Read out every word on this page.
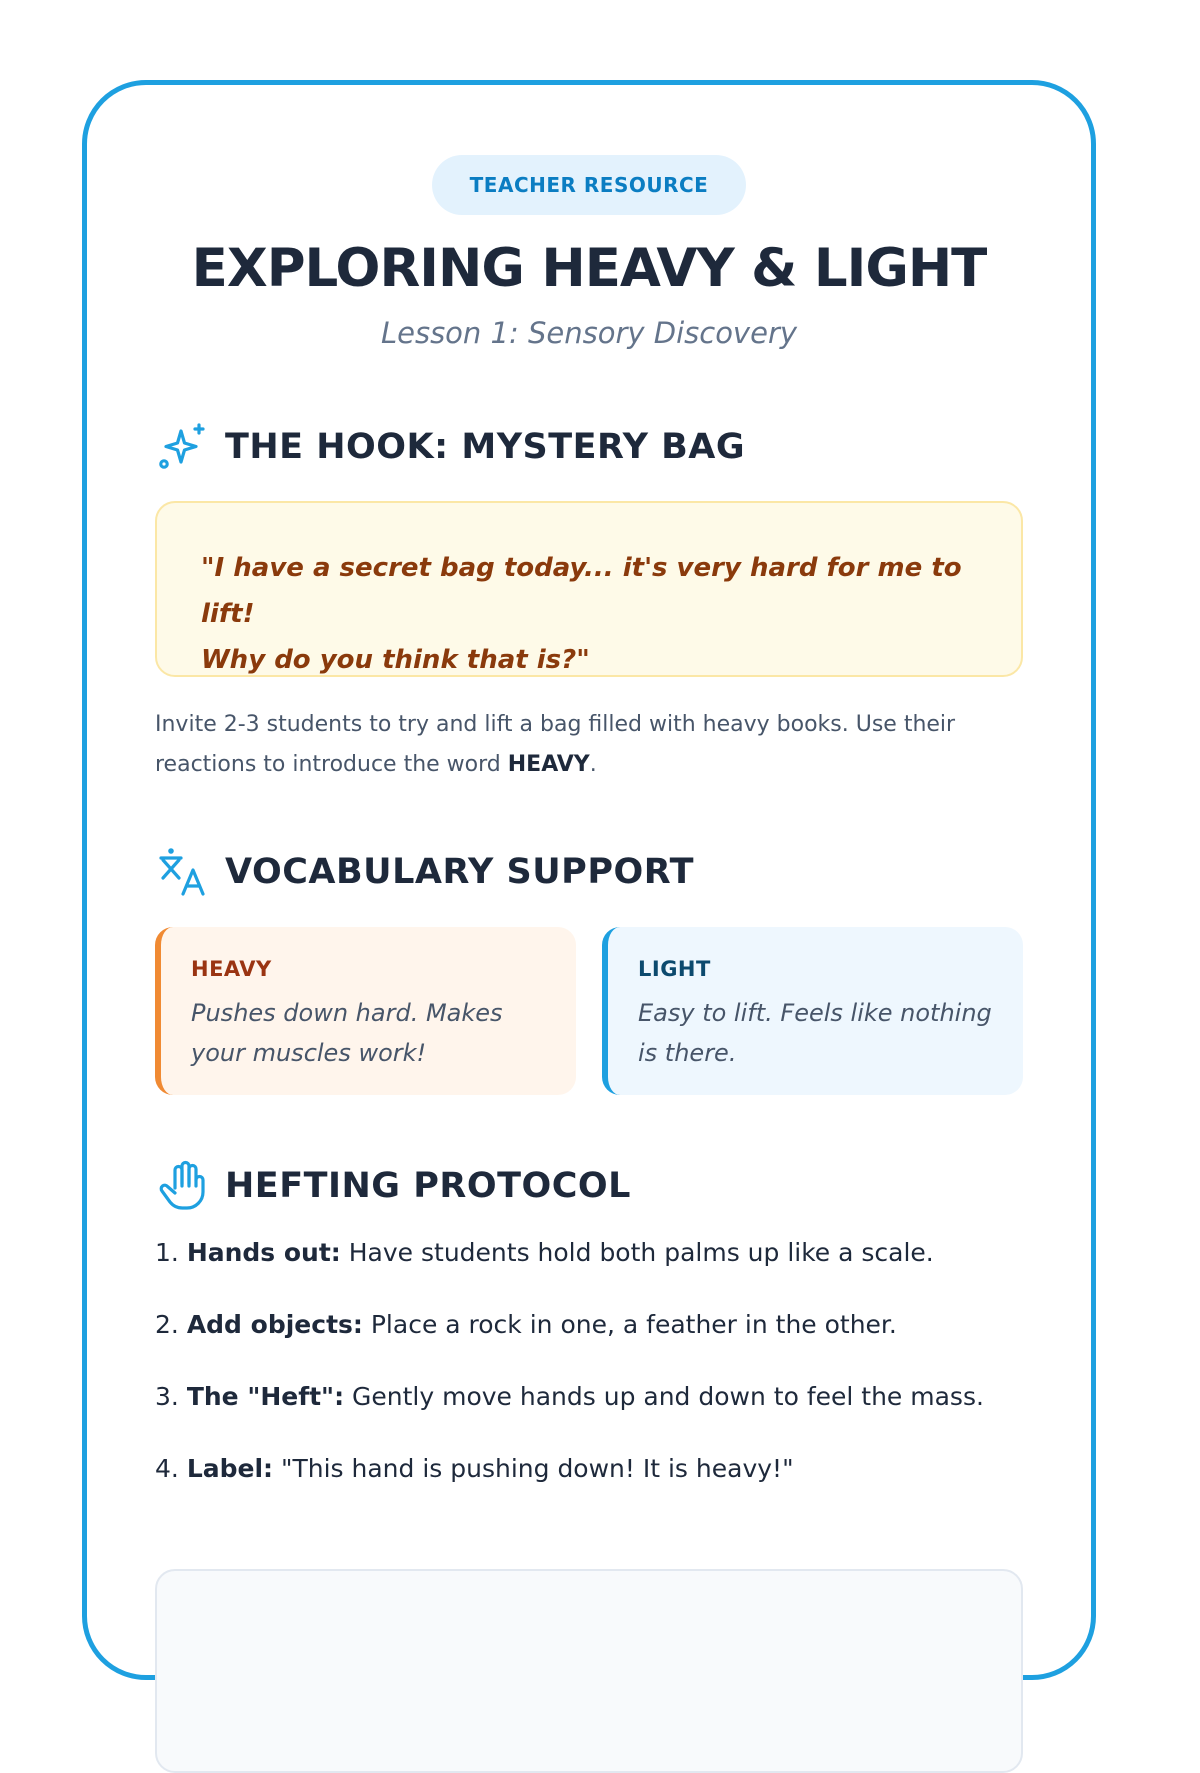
TEACHER RESOURCE
EXPLORING HEAVY & LIGHT
Lesson 1: Sensory Discovery
THE HOOK: MYSTERY BAG
"I have a secret bag today... it's very hard for me to lift!
Why do you think that is?"
Invite 2-3 students to try and lift a bag filled with heavy books. Use their reactions to introduce the word HEAVY.
VOCABULARY SUPPORT
HEAVY
Pushes down hard. Makes your muscles work!
LIGHT
Easy to lift. Feels like nothing is there.
HEFTING PROTOCOL
1. Hands out: Have students hold both palms up like a scale.
2. Add objects: Place a rock in one, a feather in the other.
3. The "Heft": Gently move hands up and down to feel the mass.
4. Label: "This hand is pushing down! It is heavy!"
